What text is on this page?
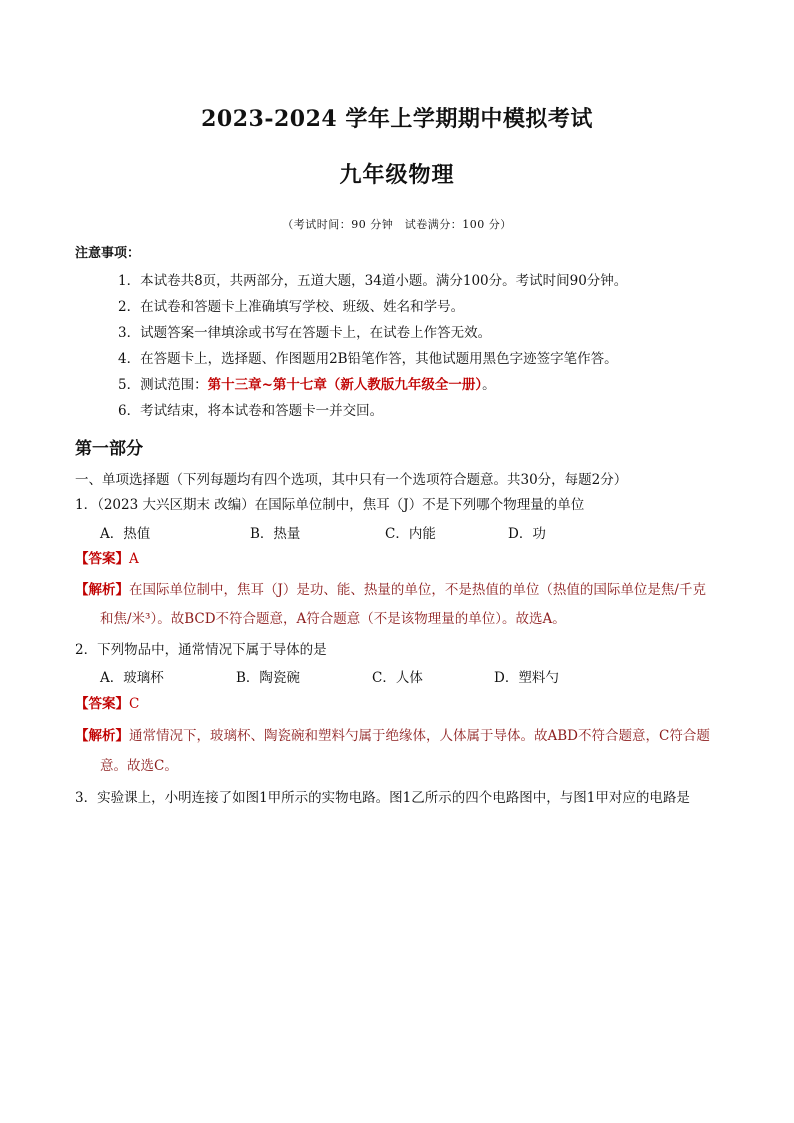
2023-2024 学年上学期期中模拟考试
九年级物理
（考试时间：90 分钟　试卷满分：100 分）
注意事项：
1．本试卷共8页，共两部分，五道大题，34道小题。满分100分。考试时间90分钟。
2．在试卷和答题卡上准确填写学校、班级、姓名和学号。
3．试题答案一律填涂或书写在答题卡上，在试卷上作答无效。
4．在答题卡上，选择题、作图题用2B铅笔作答，其他试题用黑色字迹签字笔作答。
5．测试范围：第十三章~第十七章（新人教版九年级全一册）。
6．考试结束，将本试卷和答题卡一并交回。
第一部分
一、单项选择题（下列每题均有四个选项，其中只有一个选项符合题意。共30分，每题2分）
1．（2023 大兴区期末 改编）在国际单位制中，焦耳（J）不是下列哪个物理量的单位
A．热值	B．热量	C．内能	D．功
【答案】A
【解析】在国际单位制中，焦耳（J）是功、能、热量的单位，不是热值的单位（热值的国际单位是焦/千克
和焦/米³）。故BCD不符合题意，A符合题意（不是该物理量的单位）。故选A。
2．下列物品中，通常情况下属于导体的是
A．玻璃杯	B．陶瓷碗	C．人体	D．塑料勺
【答案】C
【解析】通常情况下，玻璃杯、陶瓷碗和塑料勺属于绝缘体，人体属于导体。故ABD不符合题意，C符合题
意。故选C。
3．实验课上，小明连接了如图1甲所示的实物电路。图1乙所示的四个电路图中，与图1甲对应的电路是
